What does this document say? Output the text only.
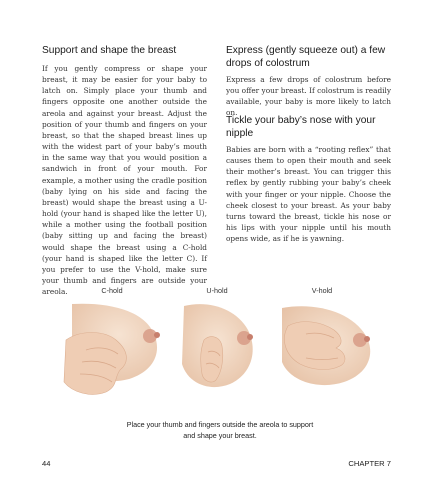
Support and shape the breast

If you gently compress or shape your breast, it may be easier for your baby to latch on. Simply place your thumb and fingers opposite one another outside the areola and against your breast. Adjust the position of your thumb and fingers on your breast, so that the shaped breast lines up with the widest part of your baby’s mouth in the same way that you would position a sandwich in front of your mouth. For example, a mother using the cradle position (baby lying on his side and facing the breast) would shape the breast using a U-hold (your hand is shaped like the letter U), while a mother using the football position (baby sitting up and facing the breast) would shape the breast using a C-hold (your hand is shaped like the letter C). If you prefer to use the V-hold, make sure your thumb and fingers are outside your areola.

Express (gently squeeze out) a few drops of colostrum

Express a few drops of colostrum before you offer your breast. If colostrum is readily available, your baby is more likely to latch on.

Tickle your baby’s nose with your nipple

Babies are born with a “rooting reflex” that causes them to open their mouth and seek their mother’s breast. You can trigger this reflex by gently rubbing your baby’s cheek with your finger or your nipple. Choose the cheek closest to your breast. As your baby turns toward the breast, tickle his nose or his lips with your nipple until his mouth opens wide, as if he is yawning.

C-hold	U-hold	V-hold
Place your thumb and fingers outside the areola to support and shape your breast.
44	CHAPTER 7
